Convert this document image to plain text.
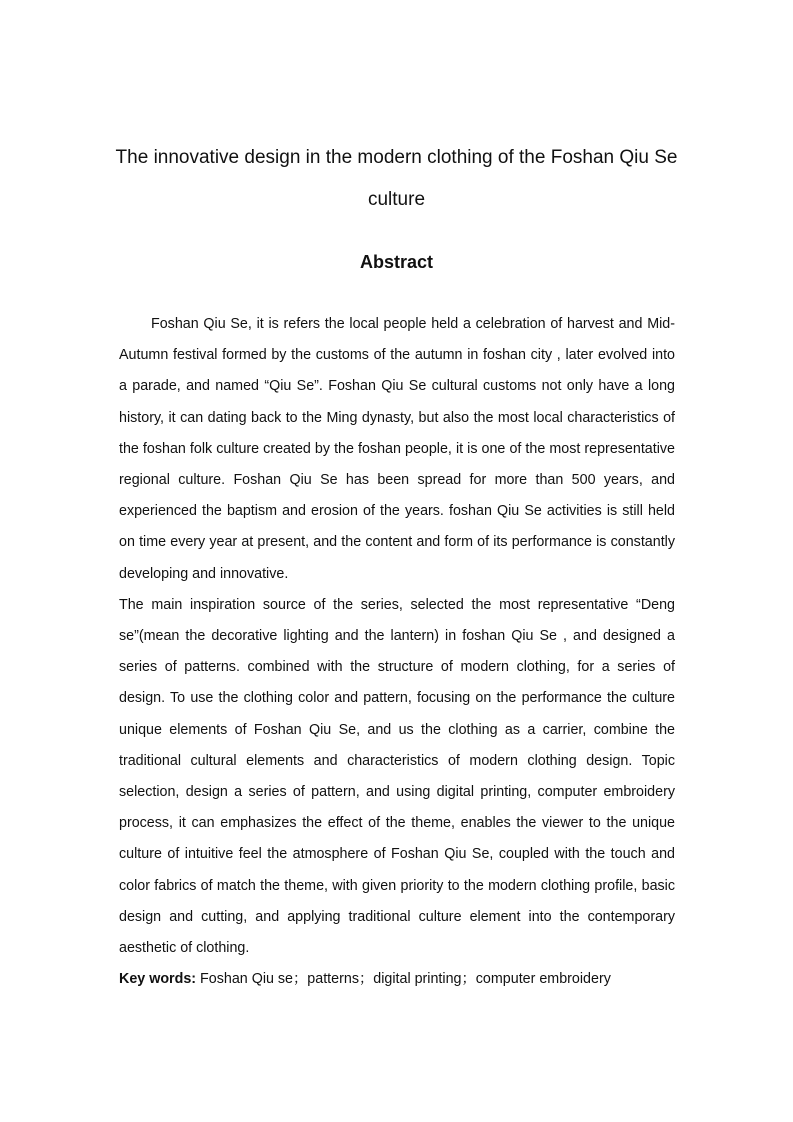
The innovative design in the modern clothing of the Foshan Qiu Se
culture
Abstract

Foshan Qiu Se, it is refers the local people held a celebration of harvest and Mid-Autumn festival formed by the customs of the autumn in foshan city , later evolved into a parade, and named “Qiu Se”. Foshan Qiu Se cultural customs not only have a long history, it can dating back to the Ming dynasty, but also the most local characteristics of the foshan folk culture created by the foshan people, it is one of the most representative regional culture. Foshan Qiu Se has been spread for more than 500 years, and experienced the baptism and erosion of the years. foshan Qiu Se activities is still held on time every year at present, and the content and form of its performance is constantly developing and innovative.

The main inspiration source of the series, selected the most representative “Deng se”(mean the decorative lighting and the lantern) in foshan Qiu Se , and designed a series of patterns. combined with the structure of modern clothing, for a series of design. To use the clothing color and pattern, focusing on the performance the culture unique elements of Foshan Qiu Se, and us the clothing as a carrier, combine the traditional cultural elements and characteristics of modern clothing design. Topic selection, design a series of pattern, and using digital printing, computer embroidery process, it can emphasizes the effect of the theme, enables the viewer to the unique culture of intuitive feel the atmosphere of Foshan Qiu Se, coupled with the touch and color fabrics of match the theme, with given priority to the modern clothing profile, basic design and cutting, and applying traditional culture element into the contemporary aesthetic of clothing.

Key words: Foshan Qiu se；patterns；digital printing；computer embroidery
